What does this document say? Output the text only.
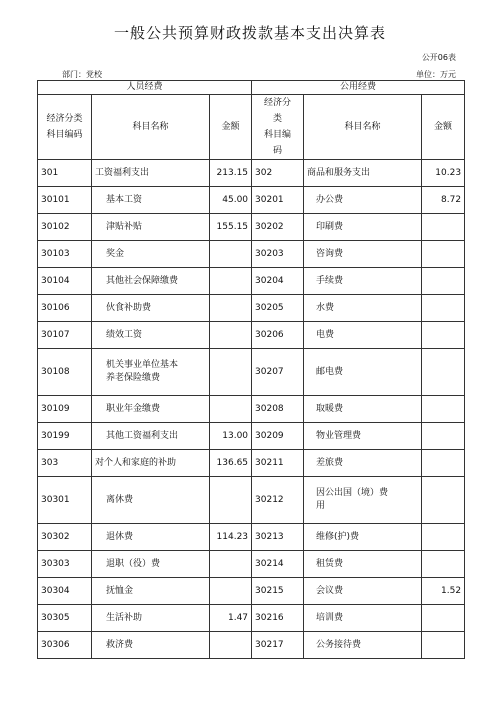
一般公共预算财政拨款基本支出决算表
公开06表
部门：党校	单位：万元
人员经费			公用经费		
经济分类
科目编码	科目名称	金额	经济分
类
科目编
码	科目名称	金额
301	工资福利支出	213.15	302	商品和服务支出	10.23
30101	基本工资	45.00	30201	办公费	8.72
30102	津贴补贴	155.15	30202	印刷费	
30103	奖金		30203	咨询费	
30104	其他社会保障缴费		30204	手续费	
30106	伙食补助费		30205	水费	
30107	绩效工资		30206	电费	
30108	机关事业单位基本
养老保险缴费		30207	邮电费	
30109	职业年金缴费		30208	取暖费	
30199	其他工资福利支出	13.00	30209	物业管理费	
303	对个人和家庭的补助	136.65	30211	差旅费	
30301	离休费		30212	因公出国（境）费
用	
30302	退休费	114.23	30213	维修(护)费	
30303	退职（役）费		30214	租赁费	
30304	抚恤金		30215	会议费	1.52
30305	生活补助	1.47	30216	培训费	
30306	救济费		30217	公务接待费	
